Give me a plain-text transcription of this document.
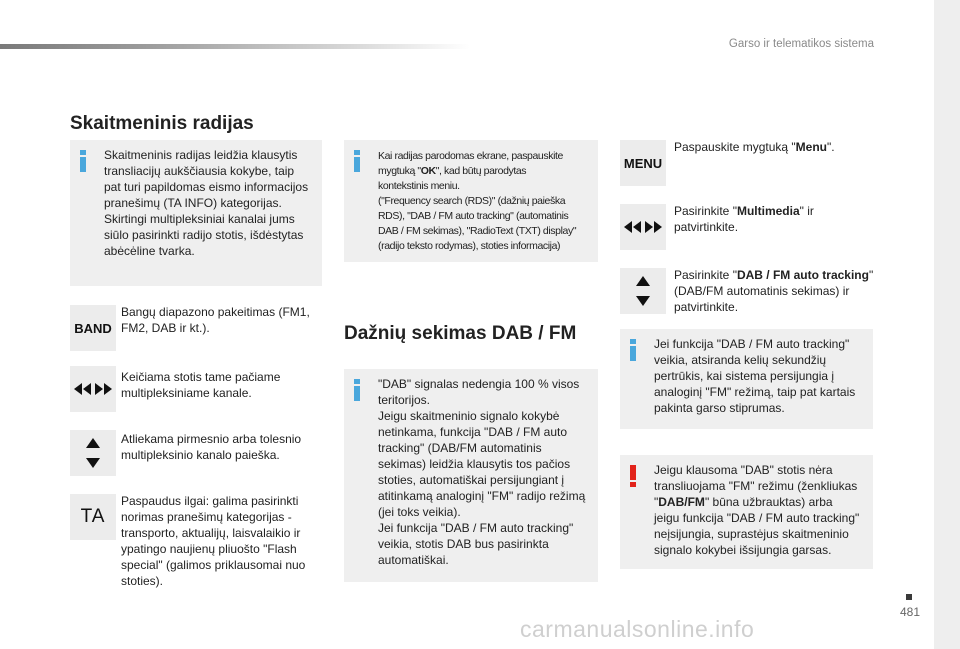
Garso ir telematikos sistema
Skaitmeninis radijas
Skaitmeninis radijas leidžia klausytis
transliacijų aukščiausia kokybe, taip
pat turi papildomas eismo informacijos
pranešimų (TA INFO) kategorijas.
Skirtingi multipleksiniai kanalai jums
siūlo pasirinkti radijo stotis, išdėstytas
abėcėline tvarka.
BAND
Bangų diapazono pakeitimas (FM1,
FM2, DAB ir kt.).
Keičiama stotis tame pačiame
multipleksiniame kanale.
Atliekama pirmesnio arba tolesnio
multipleksinio kanalo paieška.
TA
Paspaudus ilgai: galima pasirinkti
norimas pranešimų kategorijas -
transporto, aktualijų, laisvalaikio ir
ypatingo naujienų pliuošto "Flash
special" (galimos priklausomai nuo
stoties).
Kai radijas parodomas ekrane, paspauskite
mygtuką "OK", kad būtų parodytas
kontekstinis meniu.
("Frequency search (RDS)" (dažnių paieška
RDS), "DAB / FM auto tracking" (automatinis
DAB / FM sekimas), "RadioText (TXT) display"
(radijo teksto rodymas), stoties informacija)
Dažnių sekimas DAB / FM
"DAB" signalas nedengia 100 % visos
teritorijos.
Jeigu skaitmeninio signalo kokybė
netinkama, funkcija "DAB / FM auto
tracking" (DAB/FM automatinis
sekimas) leidžia klausytis tos pačios
stoties, automatiškai persijungiant į
atitinkamą analoginį "FM" radijo režimą
(jei toks veikia).
Jei funkcija "DAB / FM auto tracking"
veikia, stotis DAB bus pasirinkta
automatiškai.
MENU
Paspauskite mygtuką "Menu".
Pasirinkite "Multimedia" ir
patvirtinkite.
Pasirinkite "DAB / FM auto tracking"
(DAB/FM automatinis sekimas) ir
patvirtinkite.
Jei funkcija "DAB / FM auto tracking"
veikia, atsiranda kelių sekundžių
pertrūkis, kai sistema persijungia į
analoginį "FM" režimą, taip pat kartais
pakinta garso stiprumas.
Jeigu klausoma "DAB" stotis nėra
transliuojama "FM" režimu (ženkliukas
"DAB/FM" būna užbrauktas) arba
jeigu funkcija "DAB / FM auto tracking"
neįsijungia, suprastėjus skaitmeninio
signalo kokybei išsijungia garsas.
481
carmanualsonline.info
